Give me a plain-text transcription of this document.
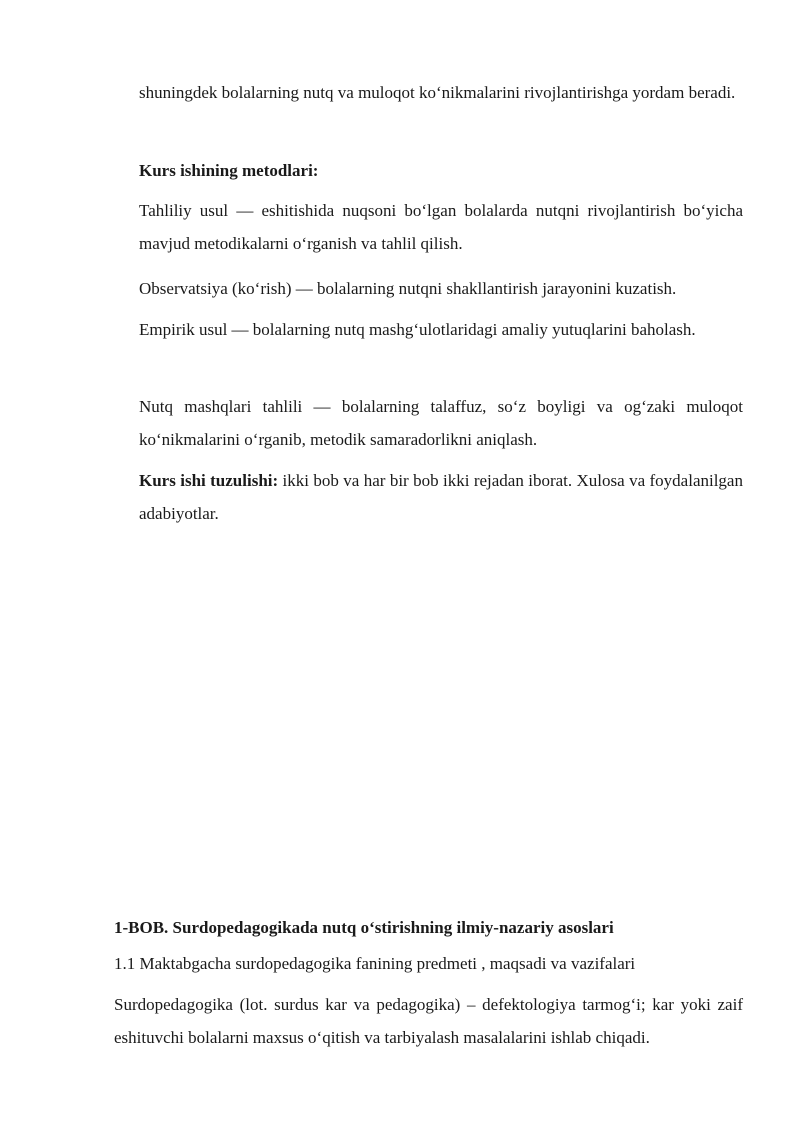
shuningdek bolalarning nutq va muloqot koʻnikmalarini rivojlantirishga yordam beradi.

Kurs ishining metodlari:

Tahliliy usul — eshitishida nuqsoni boʻlgan bolalarda nutqni rivojlantirish boʻyicha mavjud metodikalarni oʻrganish va tahlil qilish.

Observatsiya (koʻrish) — bolalarning nutqni shakllantirish jarayonini kuzatish.

Empirik usul — bolalarning nutq mashgʻulotlaridagi amaliy yutuqlarini baholash.

Nutq mashqlari tahlili — bolalarning talaffuz, soʻz boyligi va ogʻzaki muloqot koʻnikmalarini oʻrganib, metodik samaradorlikni aniqlash.

Kurs ishi tuzulishi: ikki bob va har bir bob ikki rejadan iborat. Xulosa va foydalanilgan adabiyotlar.

1-BOB. Surdopedagogikada nutq oʻstirishning ilmiy-nazariy asoslari

1.1 Maktabgacha surdopedagogika fanining predmeti , maqsadi va vazifalari

Surdopedagogika (lot. surdus kar va pedagogika) – defektologiya tarmogʻi; kar yoki zaif eshituvchi bolalarni maxsus oʻqitish va tarbiyalash masalalarini ishlab chiqadi.
